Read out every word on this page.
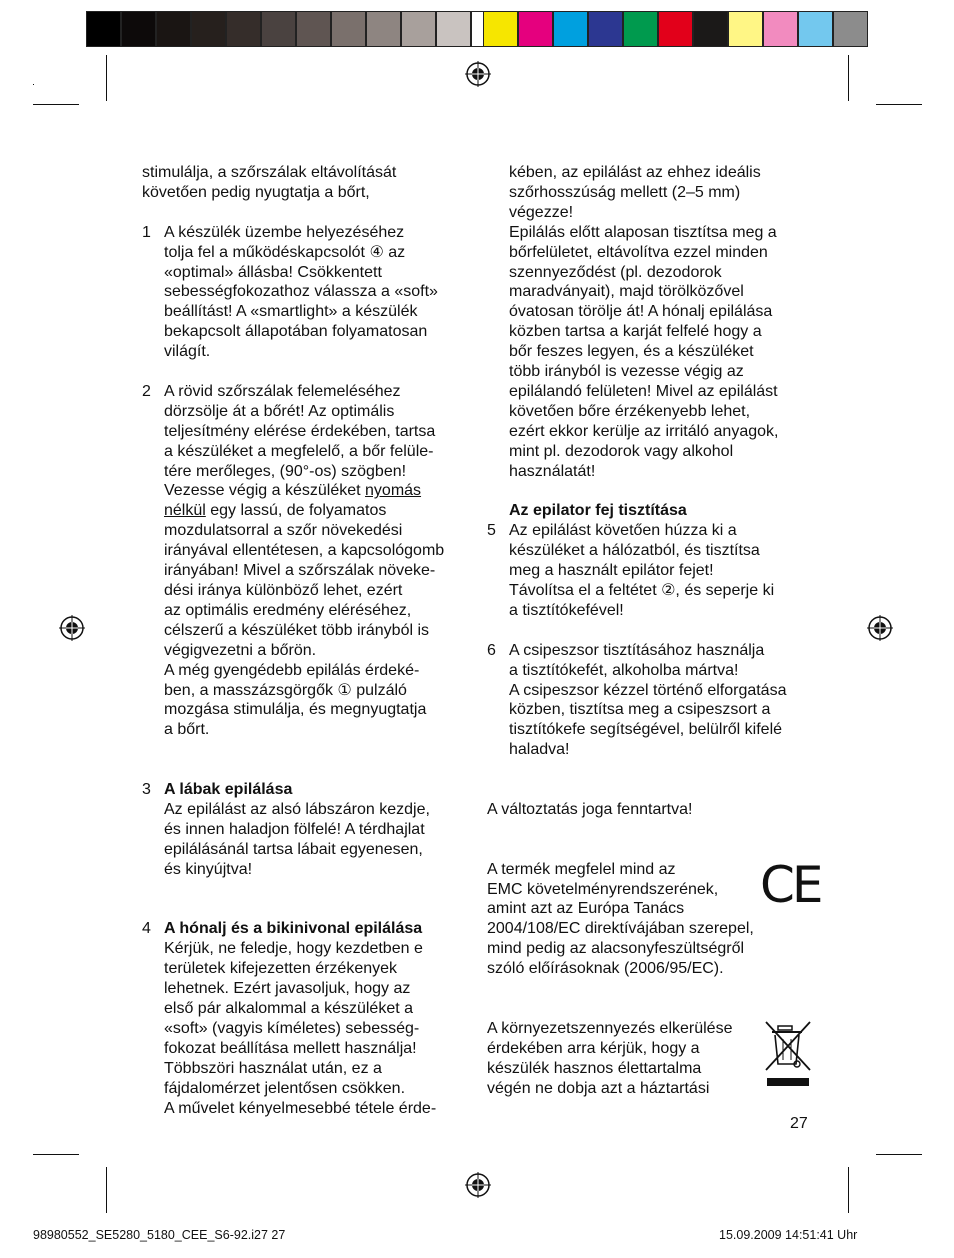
stimulálja, a szőrszálak eltávolítását

követően pedig nyugtatja a bőrt,

1 A készülék üzembe helyezéséhez

tolja fel a működéskapcsolót ④ az

«optimal» állásba! Csökkentett

sebességfokozathoz válassza a «soft»

beállítást! A «smartlight» a készülék

bekapcsolt állapotában folyamatosan

világít.

2 A rövid szőrszálak felemeléséhez

dörzsölje át a bőrét! Az optimális

teljesítmény elérése érdekében, tartsa

a készüléket a megfelelő, a bőr felüle-

tére merőleges, (90°-os) szögben!

Vezesse végig a készüléket nyomás

nélkül egy lassú, de folyamatos

mozdulatsorral a szőr növekedési

irányával ellentétesen, a kapcsológomb

irányában! Mivel a szőrszálak növeke-

dési iránya különböző lehet, ezért

az optimális eredmény eléréséhez,

célszerű a készüléket több irányból is

végigvezetni a bőrön.

A még gyengédebb epilálás érdeké-

ben, a masszázsgörgők ① pulzáló

mozgása stimulálja, és megnyugtatja

a bőrt.

3 A lábak epilálása

Az epilálást az alsó lábszáron kezdje,

és innen haladjon fölfelé! A térdhajlat

epilálásánál tartsa lábait egyenesen,

és kinyújtva!

4 A hónalj és a bikinivonal epilálása

Kérjük, ne feledje, hogy kezdetben e

területek kifejezetten érzékenyek

lehetnek. Ezért javasoljuk, hogy az

első pár alkalommal a készüléket a

«soft» (vagyis kíméletes) sebesség-

fokozat beállítása mellett használja!

Többszöri használat után, ez a

fájdalomérzet jelentősen csökken.

A művelet kényelmesebbé tétele érde-

kében, az epilálást az ehhez ideális

szőrhosszúság mellett (2–5 mm)

végezze!

Epilálás előtt alaposan tisztítsa meg a

bőrfelületet, eltávolítva ezzel minden

szennyeződést (pl. dezodorok

maradványait), majd törölközővel

óvatosan törölje át! A hónalj epilálása

közben tartsa a karját felfelé hogy a

bőr feszes legyen, és a készüléket

több irányból is vezesse végig az

epilálandó felületen! Mivel az epilálást

követően bőre érzékenyebb lehet,

ezért ekkor kerülje az irritáló anyagok,

mint pl. dezodorok vagy alkohol

használatát!

Az epilator fej tisztítása

5 Az epilálást követően húzza ki a

készüléket a hálózatból, és tisztítsa

meg a használt epilátor fejet!

Távolítsa el a feltétet ②, és seperje ki

a tisztítókefével!

6 A csipeszsor tisztításához használja

a tisztítókefét, alkoholba mártva!

A csipeszsor kézzel történő elforgatása

közben, tisztítsa meg a csipeszsort a

tisztítókefe segítségével, belülről kifelé

haladva!

A változtatás joga fenntartva!

A termék megfelel mind az

EMC követelményrendszerének,

amint azt az Európa Tanács

2004/108/EC direktívájában szerepel,

mind pedig az alacsonyfeszültségről

szóló előírásoknak (2006/95/EC).

A környezetszennyezés elkerülése

érdekében arra kérjük, hogy a

készülék hasznos élettartalma

végén ne dobja azt a háztartási

CE
27
98980552_SE5280_5180_CEE_S6-92.i27 27	15.09.2009 14:51:41 Uhr
